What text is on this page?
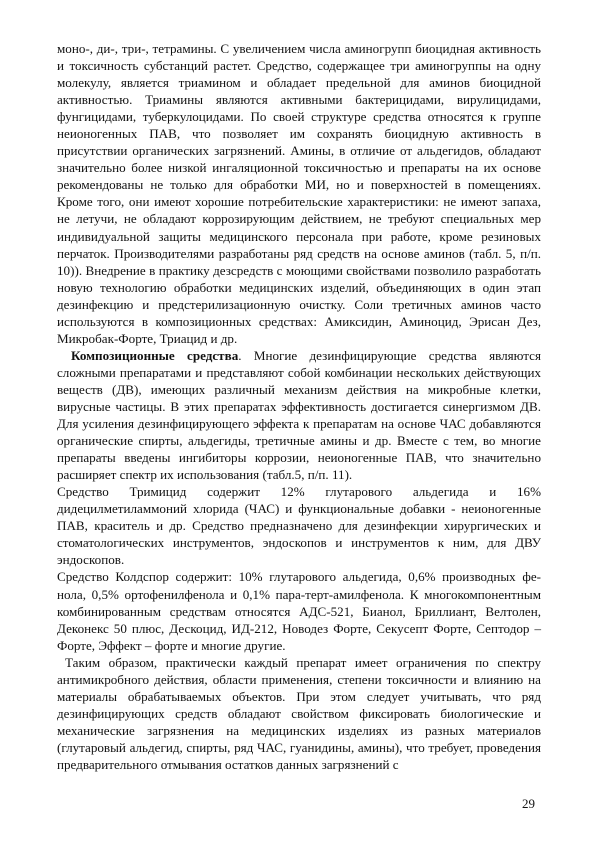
моно-, ди-, три-, тетрамины. С увеличением числа аминогрупп биоцидная активность и токсичность субстанций растет. Средство, содержащее три аминогруппы на одну молекулу, является триамином и обладает предельной для аминов биоцидной активностью. Триамины являются активными бактерицидами, вирулицидами, фунгицидами, туберкулоцидами. По своей структуре средства относятся к группе неионогенных ПАВ, что позволяет им сохранять биоцидную активность в присутствии органических загрязнений. Амины, в отличие от альдегидов, обладают значительно более низкой ингаляционной токсичностью и препараты на их основе рекомендованы не только для обработки МИ, но и поверхностей в помещениях. Кроме того, они имеют хорошие потребительские характеристики: не имеют запаха, не летучи, не обладают коррозирующим действием, не требуют специальных мер индивидуальной защиты медицинского персонала при работе, кроме резиновых перчаток. Производителями разработаны ряд средств на основе аминов (табл. 5, п/п. 10)). Внедрение в практику дезсредств с моющими свойствами позволило разработать новую технологию обработки медицинских изделий, объединяющих в один этап дезинфекцию и предстерилизационную очистку. Соли третичных аминов часто используются в композиционных средствах: Амиксидин, Аминоцид, Эрисан Дез, Микробак-Форте, Триацид и др.

Композиционные средства. Многие дезинфицирующие средства являются сложными препаратами и представляют собой комбинации нескольких действующих веществ (ДВ), имеющих различный механизм действия на микробные клетки, вирусные частицы. В этих препаратах эффективность достигается синергизмом ДВ. Для усиления дезинфицирующего эффекта к препаратам на основе ЧАС добавляются органические спирты, альдегиды, третичные амины и др. Вместе с тем, во многие препараты введены ингибиторы коррозии, неионогенные ПАВ, что значительно расширяет спектр их использования (табл.5, п/п. 11).

Средство Тримицид содержит 12% глутарового альдегида и 16% дидецилметиламмоний хлорида (ЧАС) и функциональные добавки - неионогенные ПАВ, краситель и др. Средство предназначено для дезинфекции хирургических и стоматологических инструментов, эндоскопов и инструментов к ним, для ДВУ эндоскопов.

Средство Колдспор содержит: 10% глутарового альдегида, 0,6% производных фе-нола, 0,5% ортофенилфенола и 0,1% пара-терт-амилфенола. К многокомпонентным комбинированным средствам относятся АДС-521, Бианол, Бриллиант, Велтолен, Деконекс 50 плюс, Дескоцид, ИД-212, Новодез Форте, Секусепт Форте, Септодор – Форте, Эффект – форте и многие другие.

Таким образом, практически каждый препарат имеет ограничения по спектру антимикробного действия, области применения, степени токсичности и влиянию на материалы обрабатываемых объектов. При этом следует учитывать, что ряд дезинфицирующих средств обладают свойством фиксировать биологические и механические загрязнения на медицинских изделиях из разных материалов (глутаровый альдегид, спирты, ряд ЧАС, гуанидины, амины), что требует, проведения предварительного отмывания остатков данных загрязнений с

29
